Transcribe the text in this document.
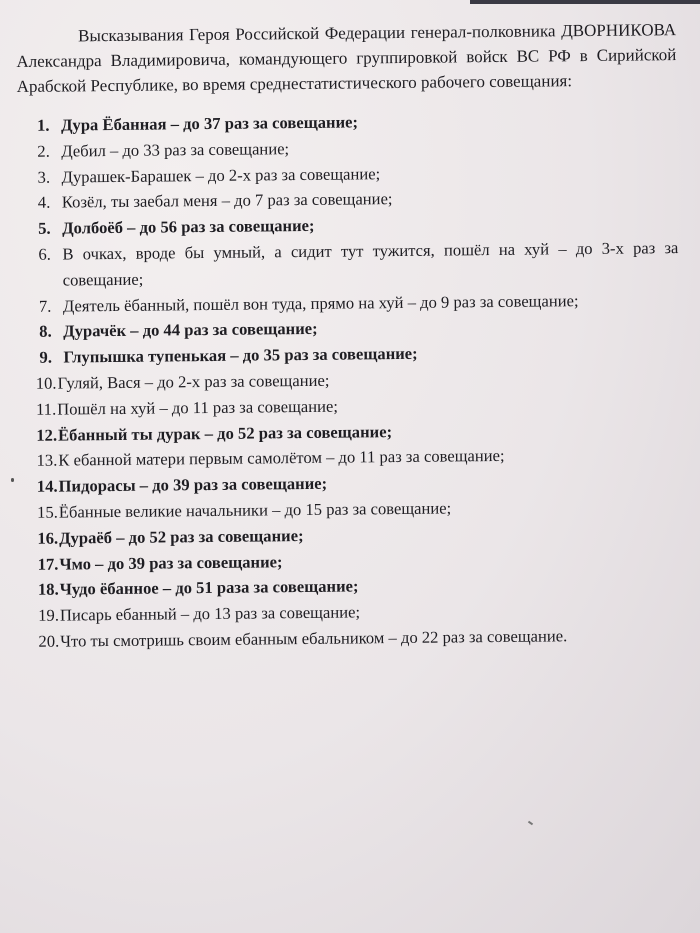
Высказывания Героя Российской Федерации генерал-полковника ДВОРНИКОВА Александра Владимировича, командующего группировкой войск ВС РФ в Сирийской Арабской Республике, во время среднестатистического рабочего совещания:

1. Дура Ёбанная – до 37 раз за совещание;
2. Дебил – до 33 раз за совещание;
3. Дурашек-Барашек – до 2-х раз за совещание;
4. Козёл, ты заебал меня – до 7 раз за совещание;
5. Долбоёб – до 56 раз за совещание;
6. В очках, вроде бы умный, а сидит тут тужится, пошёл на хуй – до 3-х раз за совещание;
7. Деятель ёбанный, пошёл вон туда, прямо на хуй – до 9 раз за совещание;
8. Дурачёк – до 44 раз за совещание;
9. Глупышка тупенькая – до 35 раз за совещание;
10. Гуляй, Вася – до 2-х раз за совещание;
11. Пошёл на хуй – до 11 раз за совещание;
12. Ёбанный ты дурак – до 52 раз за совещание;
13. К ебанной матери первым самолётом – до 11 раз за совещание;
14. Пидорасы – до 39 раз за совещание;
15. Ёбанные великие начальники – до 15 раз за совещание;
16. Дураёб – до 52 раз за совещание;
17. Чмо – до 39 раз за совещание;
18. Чудо ёбанное – до 51 раза за совещание;
19. Писарь ебанный – до 13 раз за совещание;
20. Что ты смотришь своим ебанным ебальником – до 22 раз за совещание.
